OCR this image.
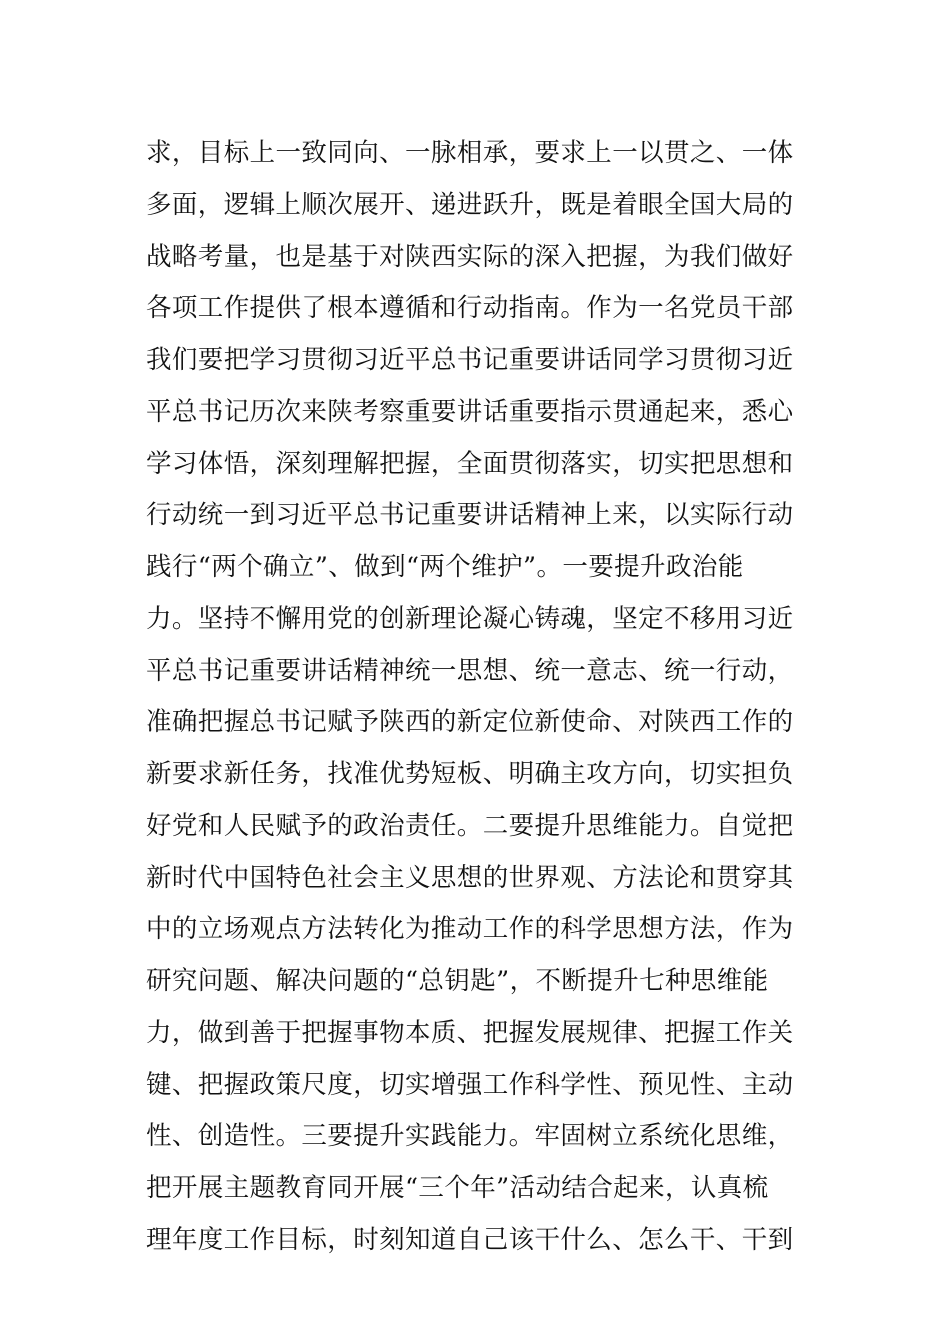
求，目标上一致同向、一脉相承，要求上一以贯之、一体
多面，逻辑上顺次展开、递进跃升，既是着眼全国大局的
战略考量，也是基于对陕西实际的深入把握，为我们做好
各项工作提供了根本遵循和行动指南。作为一名党员干部
我们要把学习贯彻习近平总书记重要讲话同学习贯彻习近
平总书记历次来陕考察重要讲话重要指示贯通起来，悉心
学习体悟，深刻理解把握，全面贯彻落实，切实把思想和
行动统一到习近平总书记重要讲话精神上来，以实际行动
践行“两个确立”、做到“两个维护”。一要提升政治能
力。坚持不懈用党的创新理论凝心铸魂，坚定不移用习近
平总书记重要讲话精神统一思想、统一意志、统一行动，
准确把握总书记赋予陕西的新定位新使命、对陕西工作的
新要求新任务，找准优势短板、明确主攻方向，切实担负
好党和人民赋予的政治责任。二要提升思维能力。自觉把
新时代中国特色社会主义思想的世界观、方法论和贯穿其
中的立场观点方法转化为推动工作的科学思想方法，作为
研究问题、解决问题的“总钥匙”，不断提升七种思维能
力，做到善于把握事物本质、把握发展规律、把握工作关
键、把握政策尺度，切实增强工作科学性、预见性、主动
性、创造性。三要提升实践能力。牢固树立系统化思维，
把开展主题教育同开展“三个年”活动结合起来，认真梳
理年度工作目标，时刻知道自己该干什么、怎么干、干到
